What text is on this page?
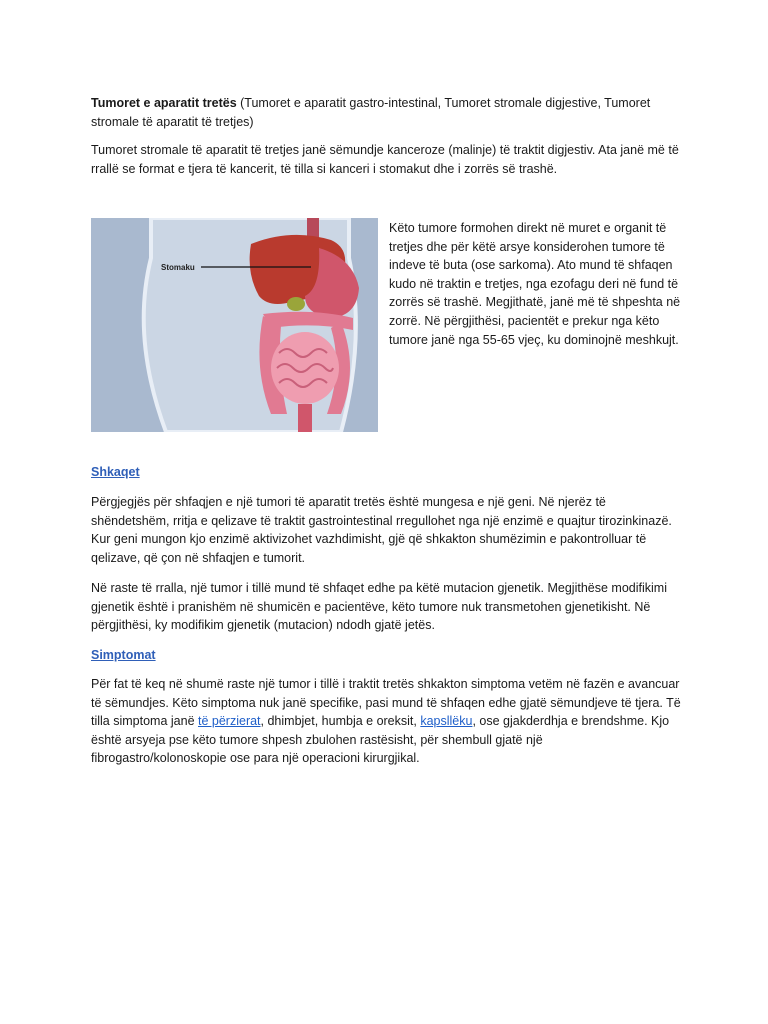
Tumoret e aparatit tretës (Tumoret e aparatit gastro-intestinal, Tumoret stromale digjestive, Tumoret stromale të aparatit të tretjes)

Tumoret stromale të aparatit të tretjes janë sëmundje kanceroze (malinje) të traktit digjestiv. Ata janë më të rrallë se format e tjera të kancerit, të tilla si kanceri i stomakut dhe i zorrës së trashë.

Stomaku

Këto tumore formohen direkt në muret e organit të tretjes dhe për këtë arsye konsiderohen tumore të indeve të buta (ose sarkoma). Ato mund të shfaqen kudo në traktin e tretjes, nga ezofagu deri në fund të zorrës së trashë. Megjithatë, janë më të shpeshta në zorrë. Në përgjithësi, pacientët e prekur nga këto tumore janë nga 55-65 vjeç, ku dominojnë meshkujt.

Shkaqet

Përgjegjës për shfaqjen e një tumori të aparatit tretës është mungesa e një geni. Në njerëz të shëndetshëm, rritja e qelizave të traktit gastrointestinal rregullohet nga një enzimë e quajtur tirozinkinazë. Kur geni mungon kjo enzimë aktivizohet vazhdimisht, gjë që shkakton shumëzimin e pakontrolluar të qelizave, që çon në shfaqjen e tumorit.

Në raste të rralla, një tumor i tillë mund të shfaqet edhe pa këtë mutacion gjenetik. Megjithëse modifikimi gjenetik është i pranishëm në shumicën e pacientëve, këto tumore nuk transmetohen gjenetikisht. Në përgjithësi, ky modifikim gjenetik (mutacion) ndodh gjatë jetës.

Simptomat

Për fat të keq në shumë raste një tumor i tillë i traktit tretës shkakton simptoma vetëm në fazën e avancuar të sëmundjes. Këto simptoma nuk janë specifike, pasi mund të shfaqen edhe gjatë sëmundjeve të tjera. Të tilla simptoma janë të përzierat, dhimbjet, humbja e oreksit, kapsllëku, ose gjakderdhja e brendshme. Kjo është arsyeja pse këto tumore shpesh zbulohen rastësisht, për shembull gjatë një fibrogastro/kolonoskopie ose para një operacioni kirurgjikal.
